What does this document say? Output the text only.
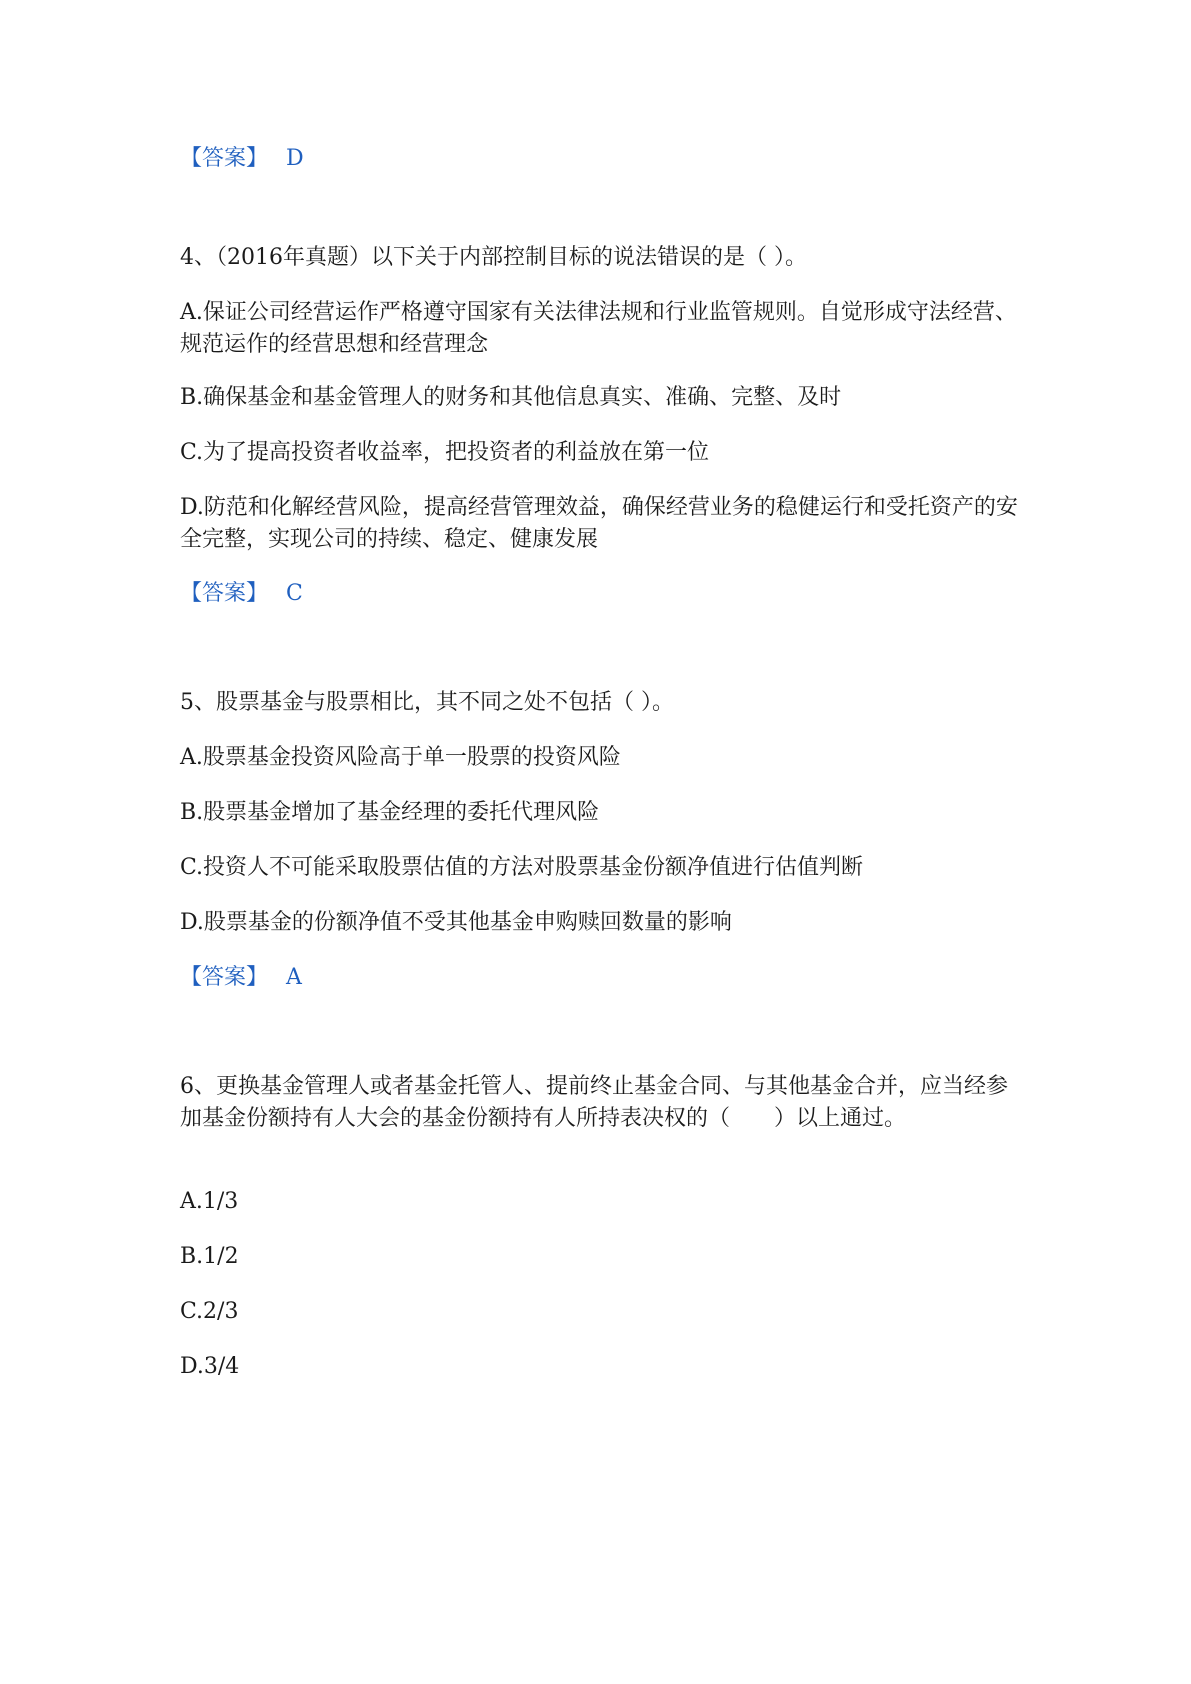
【答案】 D
4、（2016年真题）以下关于内部控制目标的说法错误的是（ ）。
A.保证公司经营运作严格遵守国家有关法律法规和行业监管规则。自觉形成守法经营、规范运作的经营思想和经营理念
B.确保基金和基金管理人的财务和其他信息真实、准确、完整、及时
C.为了提高投资者收益率，把投资者的利益放在第一位
D.防范和化解经营风险，提高经营管理效益，确保经营业务的稳健运行和受托资产的安全完整，实现公司的持续、稳定、健康发展
【答案】 C
5、股票基金与股票相比，其不同之处不包括（ ）。
A.股票基金投资风险高于单一股票的投资风险
B.股票基金增加了基金经理的委托代理风险
C.投资人不可能采取股票估值的方法对股票基金份额净值进行估值判断
D.股票基金的份额净值不受其他基金申购赎回数量的影响
【答案】 A
6、更换基金管理人或者基金托管人、提前终止基金合同、与其他基金合并，应当经参加基金份额持有人大会的基金份额持有人所持表决权的（　　）以上通过。
A.1/3
B.1/2
C.2/3
D.3/4
